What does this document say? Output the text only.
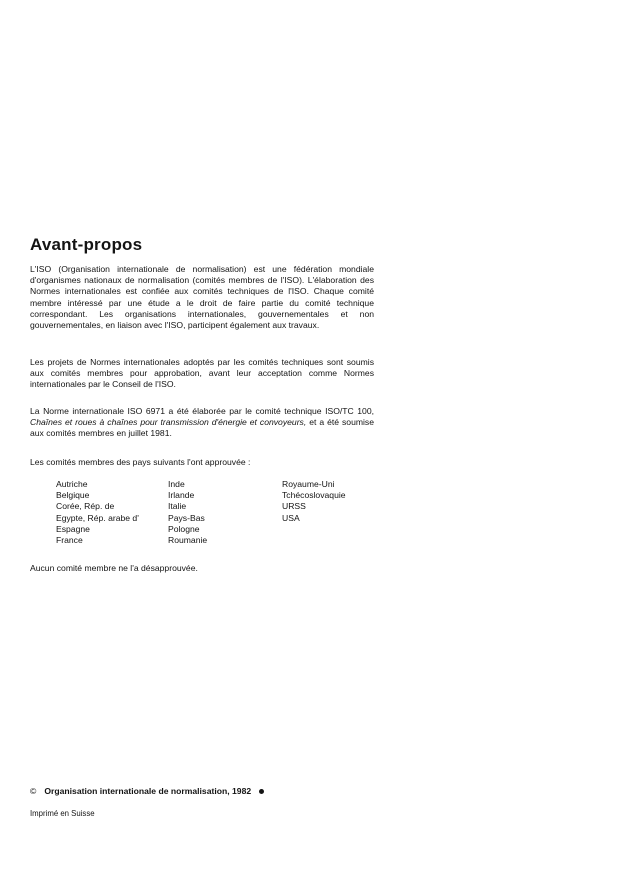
Avant-propos

L'ISO (Organisation internationale de normalisation) est une fédération mondiale d'organismes nationaux de normalisation (comités membres de l'ISO). L'élaboration des Normes internationales est confiée aux comités techniques de l'ISO. Chaque comité membre intéressé par une étude a le droit de faire partie du comité technique correspondant. Les organisations internationales, gouvernementales et non gouvernementales, en liaison avec l'ISO, participent également aux travaux.

Les projets de Normes internationales adoptés par les comités techniques sont soumis aux comités membres pour approbation, avant leur acceptation comme Normes internationales par le Conseil de l'ISO.

La Norme internationale ISO 6971 a été élaborée par le comité technique ISO/TC 100, Chaînes et roues à chaînes pour transmission d'énergie et convoyeurs, et a été soumise aux comités membres en juillet 1981.

Les comités membres des pays suivants l'ont approuvée :

Autriche
Belgique
Corée, Rép. de
Egypte, Rép. arabe d'
Espagne
France
Inde
Irlande
Italie
Pays-Bas
Pologne
Roumanie
Royaume-Uni
Tchécoslovaquie
URSS
USA

Aucun comité membre ne l'a désapprouvée.

© Organisation internationale de normalisation, 1982
Imprimé en Suisse
